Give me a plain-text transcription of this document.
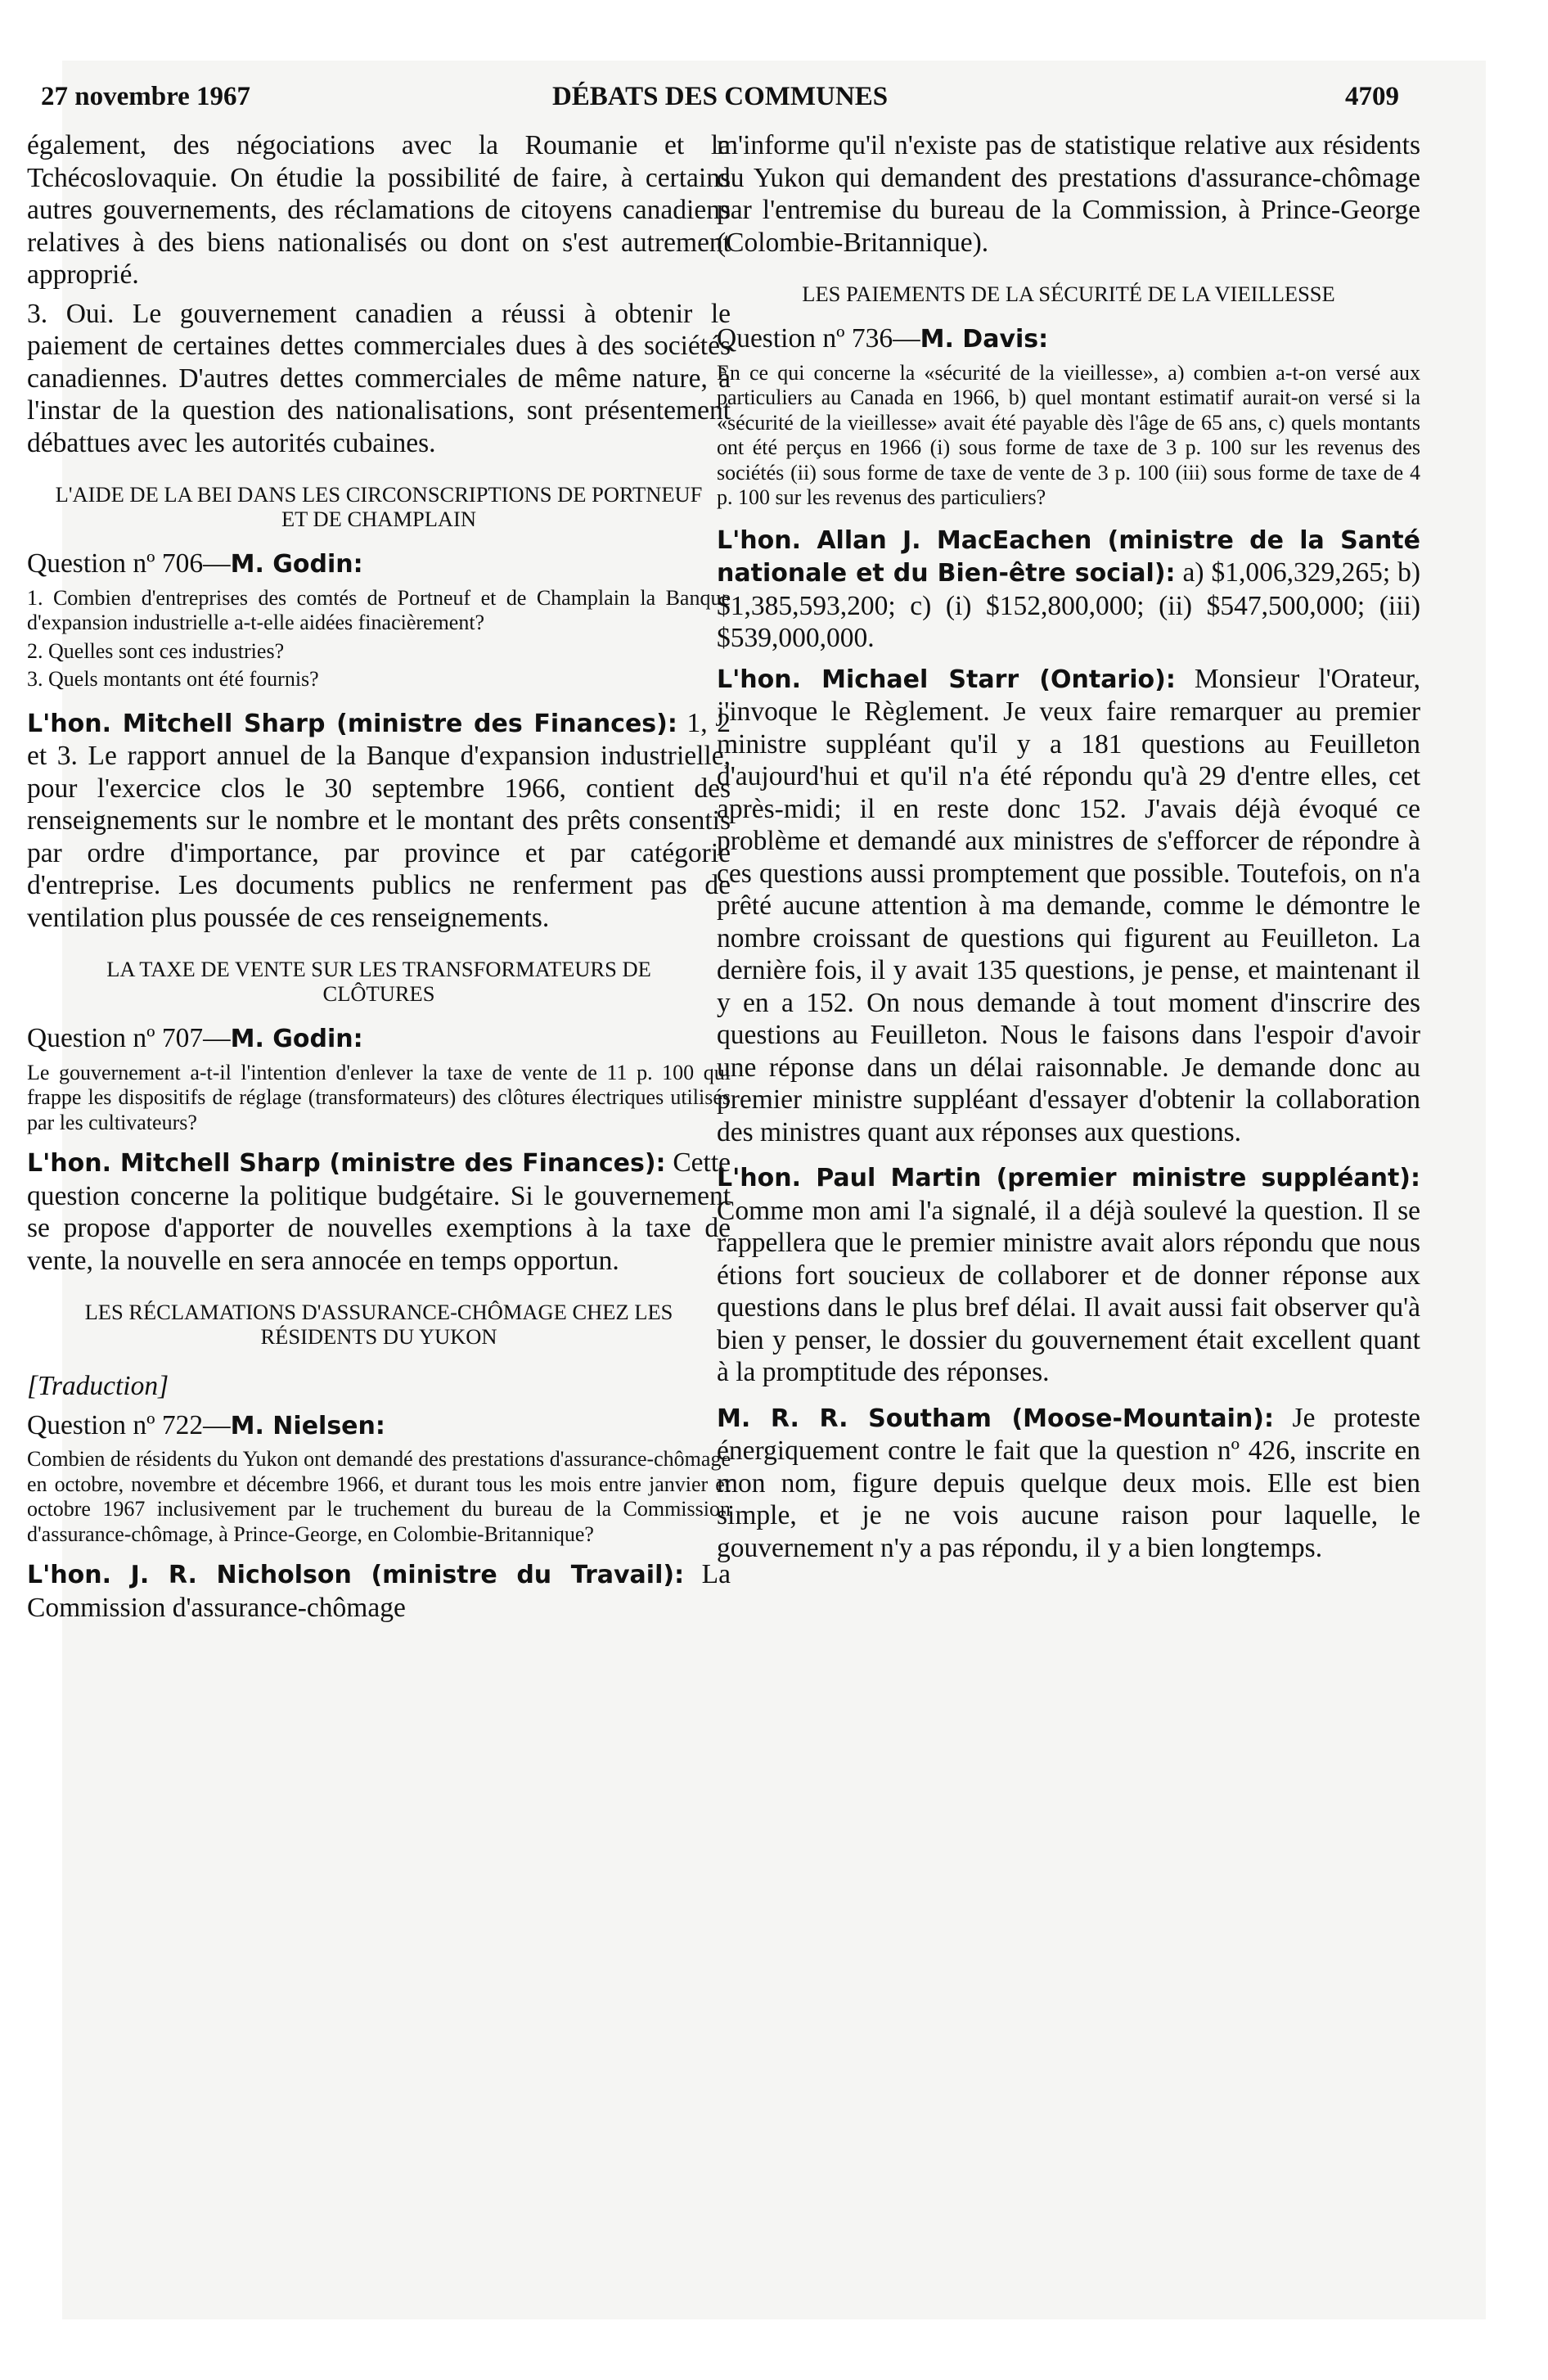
27 novembre 1967	DÉBATS DES COMMUNES	4709

également, des négociations avec la Roumanie et la Tchécoslovaquie. On étudie la possibilité de faire, à certains autres gouvernements, des réclamations de citoyens canadiens relatives à des biens nationalisés ou dont on s'est autrement approprié.

3. Oui. Le gouvernement canadien a réussi à obtenir le paiement de certaines dettes commerciales dues à des sociétés canadiennes. D'autres dettes commerciales de même nature, à l'instar de la question des nationalisations, sont présentement débattues avec les autorités cubaines.

L'AIDE DE LA BEI DANS LES CIRCONSCRIPTIONS DE PORTNEUF ET DE CHAMPLAIN

Question nº 706—M. Godin:

1. Combien d'entreprises des comtés de Portneuf et de Champlain la Banque d'expansion industrielle a-t-elle aidées finacièrement?

2. Quelles sont ces industries?

3. Quels montants ont été fournis?

L'hon. Mitchell Sharp (ministre des Finances): 1, 2 et 3. Le rapport annuel de la Banque d'expansion industrielle, pour l'exercice clos le 30 septembre 1966, contient des renseignements sur le nombre et le montant des prêts consentis par ordre d'importance, par province et par catégorie d'entreprise. Les documents publics ne renferment pas de ventilation plus poussée de ces renseignements.

LA TAXE DE VENTE SUR LES TRANSFORMATEURS DE CLÔTURES

Question nº 707—M. Godin:

Le gouvernement a-t-il l'intention d'enlever la taxe de vente de 11 p. 100 qui frappe les dispositifs de réglage (transformateurs) des clôtures électriques utilisés par les cultivateurs?

L'hon. Mitchell Sharp (ministre des Finances): Cette question concerne la politique budgétaire. Si le gouvernement se propose d'apporter de nouvelles exemptions à la taxe de vente, la nouvelle en sera annocée en temps opportun.

LES RÉCLAMATIONS D'ASSURANCE-CHÔMAGE CHEZ LES RÉSIDENTS DU YUKON

[Traduction]

Question nº 722—M. Nielsen:

Combien de résidents du Yukon ont demandé des prestations d'assurance-chômage en octobre, novembre et décembre 1966, et durant tous les mois entre janvier et octobre 1967 inclusivement par le truchement du bureau de la Commission d'assurance-chômage, à Prince-George, en Colombie-Britannique?

L'hon. J. R. Nicholson (ministre du Travail): La Commission d'assurance-chômage

m'informe qu'il n'existe pas de statistique relative aux résidents du Yukon qui demandent des prestations d'assurance-chômage par l'entremise du bureau de la Commission, à Prince-George (Colombie-Britannique).

LES PAIEMENTS DE LA SÉCURITÉ DE LA VIEILLESSE

Question nº 736—M. Davis:

En ce qui concerne la «sécurité de la vieillesse», a) combien a-t-on versé aux particuliers au Canada en 1966, b) quel montant estimatif aurait-on versé si la «sécurité de la vieillesse» avait été payable dès l'âge de 65 ans, c) quels montants ont été perçus en 1966 (i) sous forme de taxe de 3 p. 100 sur les revenus des sociétés (ii) sous forme de taxe de vente de 3 p. 100 (iii) sous forme de taxe de 4 p. 100 sur les revenus des particuliers?

L'hon. Allan J. MacEachen (ministre de la Santé nationale et du Bien-être social): a) $1,006,329,265; b) $1,385,593,200; c) (i) $152,800,000; (ii) $547,500,000; (iii) $539,000,000.

L'hon. Michael Starr (Ontario): Monsieur l'Orateur, j'invoque le Règlement. Je veux faire remarquer au premier ministre suppléant qu'il y a 181 questions au Feuilleton d'aujourd'hui et qu'il n'a été répondu qu'à 29 d'entre elles, cet après-midi; il en reste donc 152. J'avais déjà évoqué ce problème et demandé aux ministres de s'efforcer de répondre à ces questions aussi promptement que possible. Toutefois, on n'a prêté aucune attention à ma demande, comme le démontre le nombre croissant de questions qui figurent au Feuilleton. La dernière fois, il y avait 135 questions, je pense, et maintenant il y en a 152. On nous demande à tout moment d'inscrire des questions au Feuilleton. Nous le faisons dans l'espoir d'avoir une réponse dans un délai raisonnable. Je demande donc au premier ministre suppléant d'essayer d'obtenir la collaboration des ministres quant aux réponses aux questions.

L'hon. Paul Martin (premier ministre suppléant): Comme mon ami l'a signalé, il a déjà soulevé la question. Il se rappellera que le premier ministre avait alors répondu que nous étions fort soucieux de collaborer et de donner réponse aux questions dans le plus bref délai. Il avait aussi fait observer qu'à bien y penser, le dossier du gouvernement était excellent quant à la promptitude des réponses.

M. R. R. Southam (Moose-Mountain): Je proteste énergiquement contre le fait que la question nº 426, inscrite en mon nom, figure depuis quelque deux mois. Elle est bien simple, et je ne vois aucune raison pour laquelle, le gouvernement n'y a pas répondu, il y a bien longtemps.
